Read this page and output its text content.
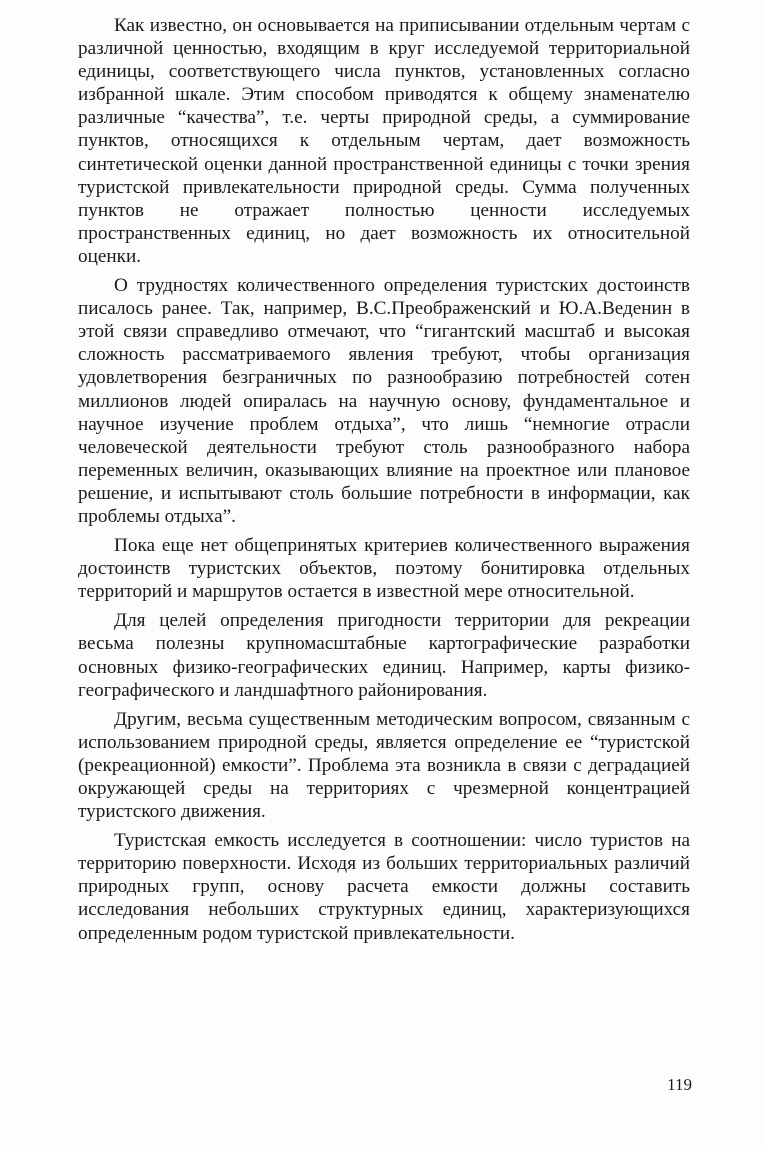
Как известно, он основывается на приписывании отдельным чертам с различной ценностью, входящим в круг исследуемой территориальной единицы, соответствующего числа пунктов, установленных согласно избранной шкале. Этим способом приводятся к общему знаменателю различные “качества”, т.е. черты природной среды, а суммирование пунктов, относящихся к отдельным чертам, дает возможность синтетической оценки данной пространственной единицы с точки зрения туристской привлекательности природной среды. Сумма полученных пунктов не отражает полностью ценности исследуемых пространственных единиц, но дает возможность их относительной оценки.

О трудностях количественного определения туристских достоинств писалось ранее. Так, например, В.С.Преображенский и Ю.А.Веденин в этой связи справедливо отмечают, что “гигантский масштаб и высокая сложность рассматриваемого явления требуют, чтобы организация удовлетворения безграничных по разнообразию потребностей сотен миллионов людей опиралась на научную основу, фундаментальное и научное изучение проблем отдыха”, что лишь “немногие отрасли человеческой деятельности требуют столь разнообразного набора переменных величин, оказывающих влияние на проектное или плановое решение, и испытывают столь большие потребности в информации, как проблемы отдыха”.

Пока еще нет общепринятых критериев количественного выражения достоинств туристских объектов, поэтому бонитировка отдельных территорий и маршрутов остается в известной мере относительной.

Для целей определения пригодности территории для рекреации весьма полезны крупномасштабные картографические разработки основных физико-географических единиц. Например, карты физико-географического и ландшафтного районирования.

Другим, весьма существенным методическим вопросом, связанным с использованием природной среды, является определение ее “туристской (рекреационной) емкости”. Проблема эта возникла в связи с деградацией окружающей среды на территориях с чрезмерной концентрацией туристского движения.

Туристская емкость исследуется в соотношении: число туристов на территорию поверхности. Исходя из больших территориальных различий природных групп, основу расчета емкости должны составить исследования небольших структурных единиц, характеризующихся определенным родом туристской привлекательности.

119
